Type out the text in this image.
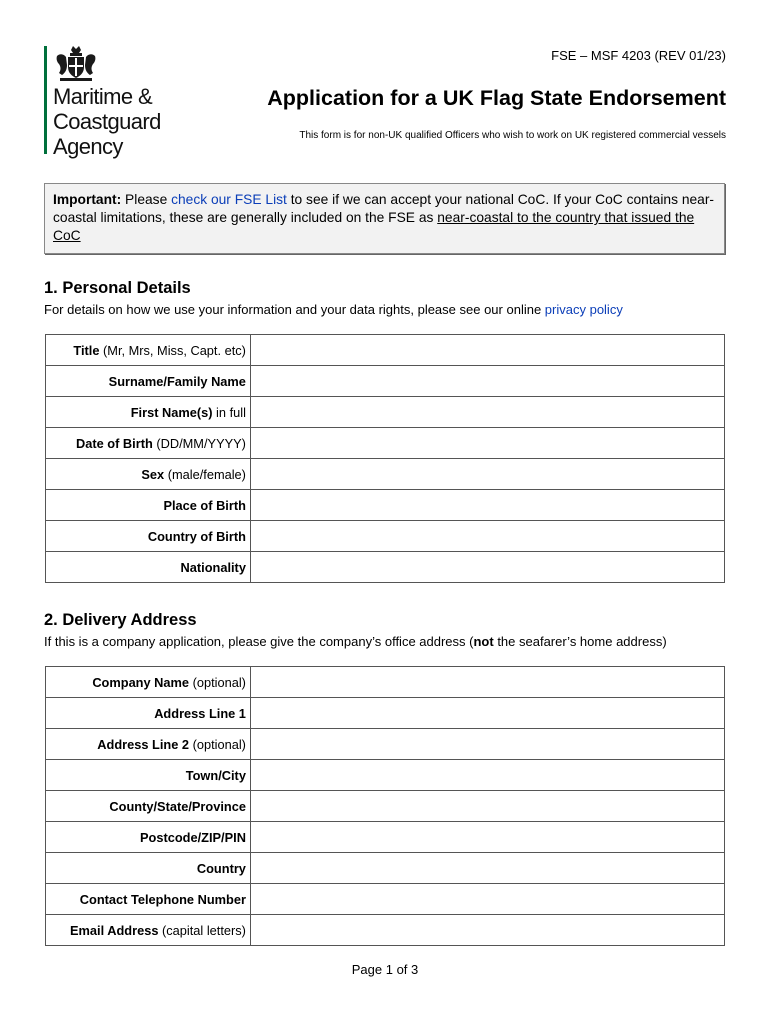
Maritime &
Coastguard
Agency
FSE – MSF 4203 (REV 01/23)
Application for a UK Flag State Endorsement
This form is for non-UK qualified Officers who wish to work on UK registered commercial vessels
Important: Please check our FSE List to see if we can accept your national CoC. If your CoC contains near-coastal limitations, these are generally included on the FSE as near-coastal to the country that issued the CoC
1. Personal Details
For details on how we use your information and your data rights, please see our online privacy policy
Title (Mr, Mrs, Miss, Capt. etc)	
Surname/Family Name	
First Name(s) in full	
Date of Birth (DD/MM/YYYY)	
Sex (male/female)	
Place of Birth	
Country of Birth	
Nationality	
2. Delivery Address
If this is a company application, please give the company’s office address (not the seafarer’s home address)
Company Name (optional)	
Address Line 1	
Address Line 2 (optional)	
Town/City	
County/State/Province	
Postcode/ZIP/PIN	
Country	
Contact Telephone Number	
Email Address (capital letters)	
Page 1 of 3
